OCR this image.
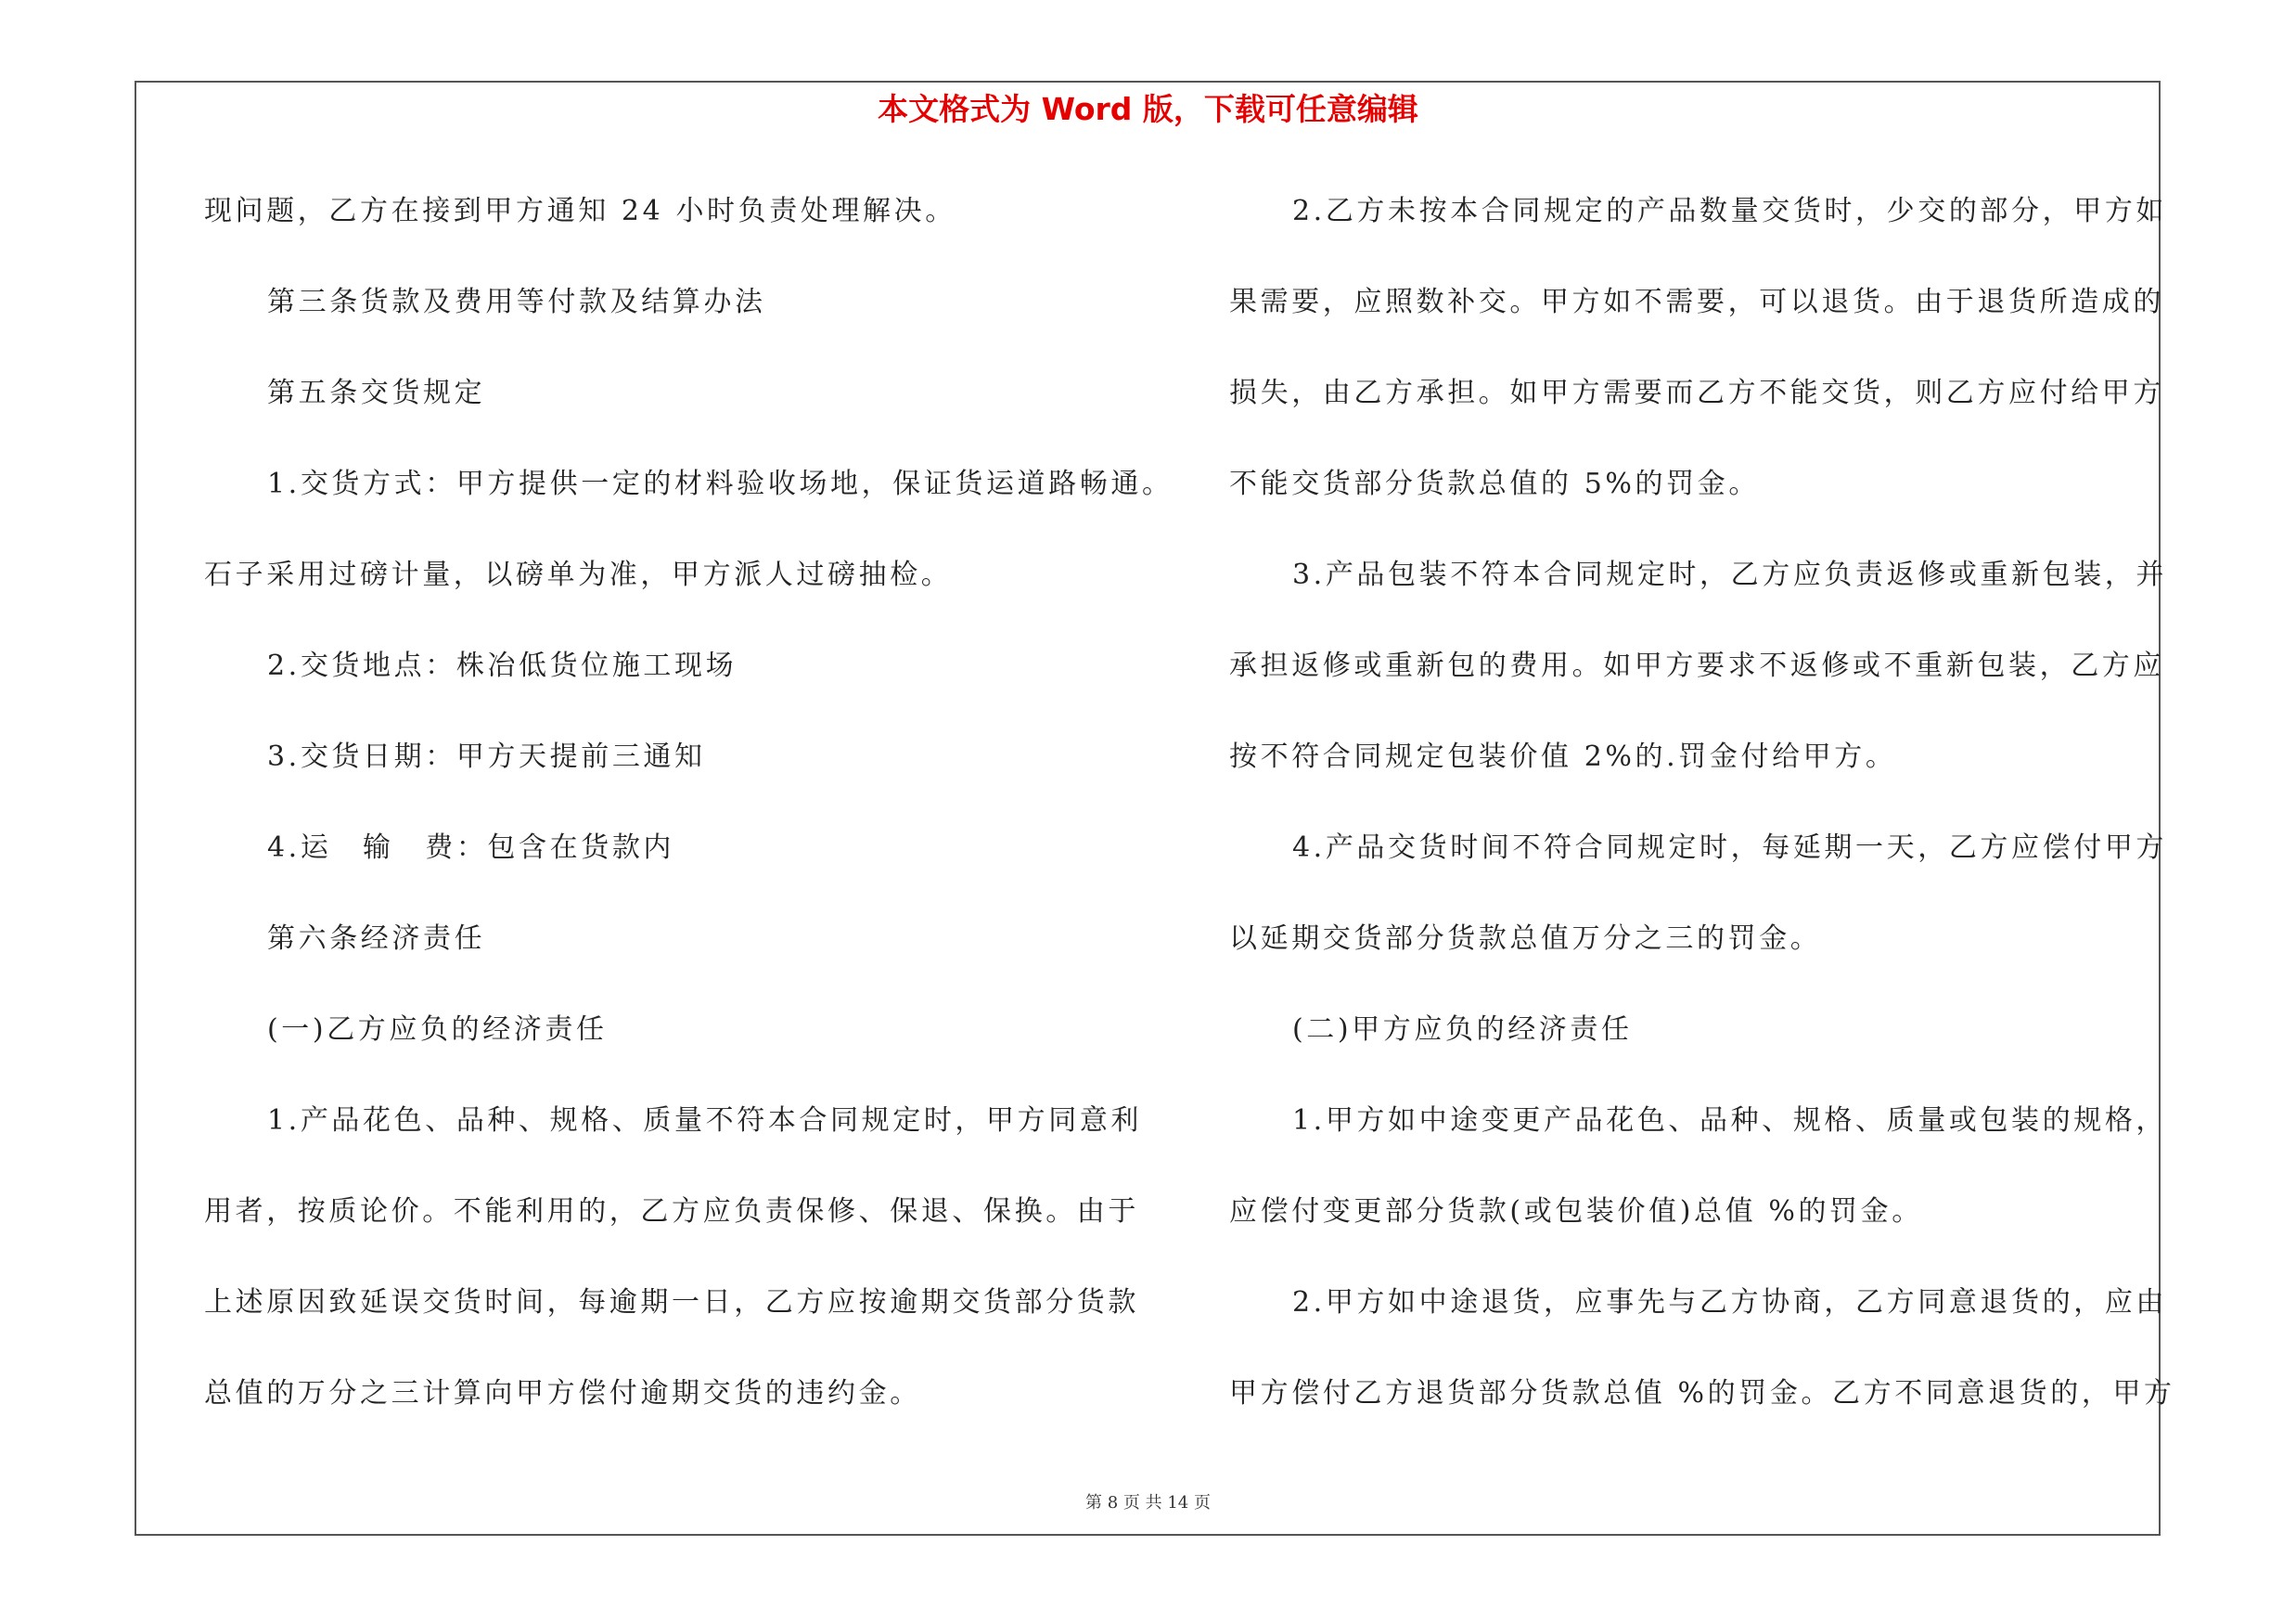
本文格式为 Word 版，下载可任意编辑
现问题，乙方在接到甲方通知 24 小时负责处理解决。
第三条货款及费用等付款及结算办法
第五条交货规定
1.交货方式：甲方提供一定的材料验收场地，保证货运道路畅通。
石子采用过磅计量，以磅单为准，甲方派人过磅抽检。
2.交货地点：株冶低货位施工现场
3.交货日期：甲方天提前三通知
4.运　输　费：包含在货款内
第六条经济责任
(一)乙方应负的经济责任
1.产品花色、品种、规格、质量不符本合同规定时，甲方同意利
用者，按质论价。不能利用的，乙方应负责保修、保退、保换。由于
上述原因致延误交货时间，每逾期一日，乙方应按逾期交货部分货款
总值的万分之三计算向甲方偿付逾期交货的违约金。
2.乙方未按本合同规定的产品数量交货时，少交的部分，甲方如
果需要，应照数补交。甲方如不需要，可以退货。由于退货所造成的
损失，由乙方承担。如甲方需要而乙方不能交货，则乙方应付给甲方
不能交货部分货款总值的 5%的罚金。
3.产品包装不符本合同规定时，乙方应负责返修或重新包装，并
承担返修或重新包的费用。如甲方要求不返修或不重新包装，乙方应
按不符合同规定包装价值 2%的.罚金付给甲方。
4.产品交货时间不符合同规定时，每延期一天，乙方应偿付甲方
以延期交货部分货款总值万分之三的罚金。
(二)甲方应负的经济责任
1.甲方如中途变更产品花色、品种、规格、质量或包装的规格，
应偿付变更部分货款(或包装价值)总值 %的罚金。
2.甲方如中途退货，应事先与乙方协商，乙方同意退货的，应由
甲方偿付乙方退货部分货款总值 %的罚金。乙方不同意退货的，甲方
第 8 页 共 14 页
